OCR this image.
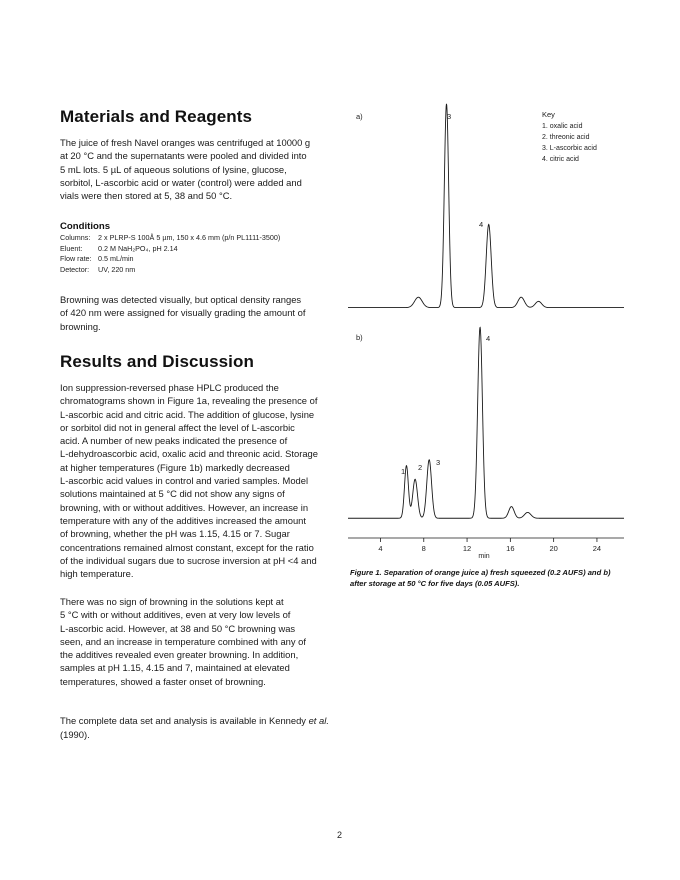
Materials and Reagents
The juice of fresh Navel oranges was centrifuged at 10000 g
at 20 °C and the supernatants were pooled and divided into
5 mL lots. 5 µL of aqueous solutions of lysine, glucose,
sorbitol, L-ascorbic acid or water (control) were added and
vials were then stored at 5, 38 and 50 °C.
Conditions
Columns:	2 x PLRP-S 100Å 5 µm, 150 x 4.6 mm (p/n PL1111-3500)
Eluent:	0.2 M NaH₂PO₄, pH 2.14
Flow rate: 0.5 mL/min
Detector:	UV, 220 nm
Browning was detected visually, but optical density ranges
of 420 nm were assigned for visually grading the amount of
browning.
Results and Discussion
Ion suppression-reversed phase HPLC produced the
chromatograms shown in Figure 1a, revealing the presence of
L-ascorbic acid and citric acid. The addition of glucose, lysine
or sorbitol did not in general affect the level of L-ascorbic
acid. A number of new peaks indicated the presence of
L-dehydroascorbic acid, oxalic acid and threonic acid. Storage
at higher temperatures (Figure 1b) markedly decreased
L-ascorbic acid values in control and varied samples. Model
solutions maintained at 5 °C did not show any signs of
browning, with or without additives. However, an increase in
temperature with any of the additives increased the amount
of browning, whether the pH was 1.15, 4.15 or 7. Sugar
concentrations remained almost constant, except for the ratio
of the individual sugars due to sucrose inversion at pH <4 and
high temperature.
There was no sign of browning in the solutions kept at
5 °C with or without additives, even at very low levels of
L-ascorbic acid. However, at 38 and 50 °C browning was
seen, and an increase in temperature combined with any of
the additives revealed even greater browning. In addition,
samples at pH 1.15, 4.15 and 7, maintained at elevated
temperatures, showed a faster onset of browning.

The complete data set and analysis is available in Kennedy et al. (1990).

a)	3
4
Key
1. oxalic acid
2. threonic acid
3. L-ascorbic acid
4. citric acid
b)
1 2
3
4
4	8	12	16	20	24
min
Figure 1. Separation of orange juice a) fresh squeezed (0.2 AUFS) and b) after storage at 50 °C for five days (0.05 AUFS).
2
